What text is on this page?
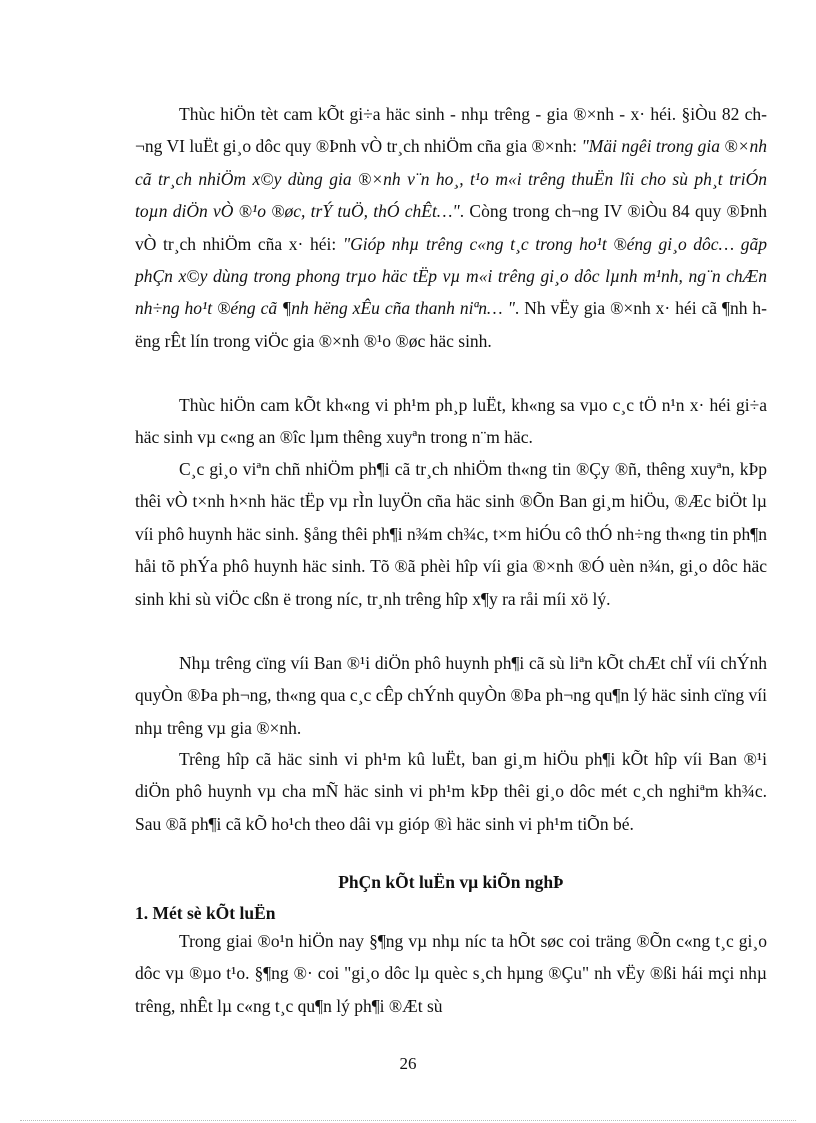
Thùc hiÖn tèt cam kÕt gi÷a häc sinh - nhµ trêng - gia ®×nh - x· héi. §iÒu 82 ch¬ng VI luËt gi¸o dôc quy ®Þnh vÒ tr¸ch nhiÖm cña gia ®×nh: "Mäi ngêi trong gia ®×nh cã tr¸ch nhiÖm x©y dùng gia ®×nh v¨n ho¸, t¹o m«i trêng thuËn lîi cho sù ph¸t triÓn toµn diÖn vÒ ®¹o ®øc, trÝ tuÖ, thÓ chÊt…". Còng trong ch¬ng IV ®iÒu 84 quy ®Þnh vÒ tr¸ch nhiÖm cña x· héi: "Gióp nhµ trêng c«ng t¸c trong ho¹t ®éng gi¸o dôc… gãp phÇn x©y dùng trong phong trµo häc tËp vµ m«i trêng gi¸o dôc lµnh m¹nh, ng¨n chÆn nh÷ng ho¹t ®éng cã ¶nh hëng xÊu cña thanh niªn… ". Nh vËy gia ®×nh x· héi cã ¶nh hëng rÊt lín trong viÖc gia ®×nh ®¹o ®øc häc sinh.

Thùc hiÖn cam kÕt kh«ng vi ph¹m ph¸p luËt, kh«ng sa vµo c¸c tÖ n¹n x· héi gi÷a häc sinh vµ c«ng an ®îc lµm thêng xuyªn trong n¨m häc.

C¸c gi¸o viªn chñ nhiÖm ph¶i cã tr¸ch nhiÖm th«ng tin ®Çy ®ñ, thêng xuyªn, kÞp thêi vÒ t×nh h×nh häc tËp vµ rÌn luyÖn cña häc sinh ®Õn Ban gi¸m hiÖu, ®Æc biÖt lµ víi phô huynh häc sinh. §ång thêi ph¶i n¾m ch¾c, t×m hiÓu cô thÓ nh÷ng th«ng tin ph¶n håi tõ phÝa phô huynh häc sinh. Tõ ®ã phèi hîp víi gia ®×nh ®Ó uèn n¾n, gi¸o dôc häc sinh khi sù viÖc cßn ë trong níc, tr¸nh trêng hîp x¶y ra råi míi xö lý.

Nhµ trêng cïng víi Ban ®¹i diÖn phô huynh ph¶i cã sù liªn kÕt chÆt chÏ víi chÝnh quyÒn ®Þa ph¬ng, th«ng qua c¸c cÊp chÝnh quyÒn ®Þa ph¬ng qu¶n lý häc sinh cïng víi nhµ trêng vµ gia ®×nh.

Trêng hîp cã häc sinh vi ph¹m kû luËt, ban gi¸m hiÖu ph¶i kÕt hîp víi Ban ®¹i diÖn phô huynh vµ cha mÑ häc sinh vi ph¹m kÞp thêi gi¸o dôc mét c¸ch nghiªm kh¾c. Sau ®ã ph¶i cã kÕ ho¹ch theo dâi vµ gióp ®ì häc sinh vi ph¹m tiÕn bé.

PhÇn kÕt luËn vµ kiÕn nghÞ
1. Mét sè kÕt luËn

Trong giai ®o¹n hiÖn nay §¶ng vµ nhµ níc ta hÕt søc coi träng ®Õn c«ng t¸c gi¸o dôc vµ ®µo t¹o. §¶ng ®· coi "gi¸o dôc lµ quèc s¸ch hµng ®Çu" nh vËy ®ßi hái mçi nhµ trêng, nhÊt lµ c«ng t¸c qu¶n lý ph¶i ®Æt sù

26
